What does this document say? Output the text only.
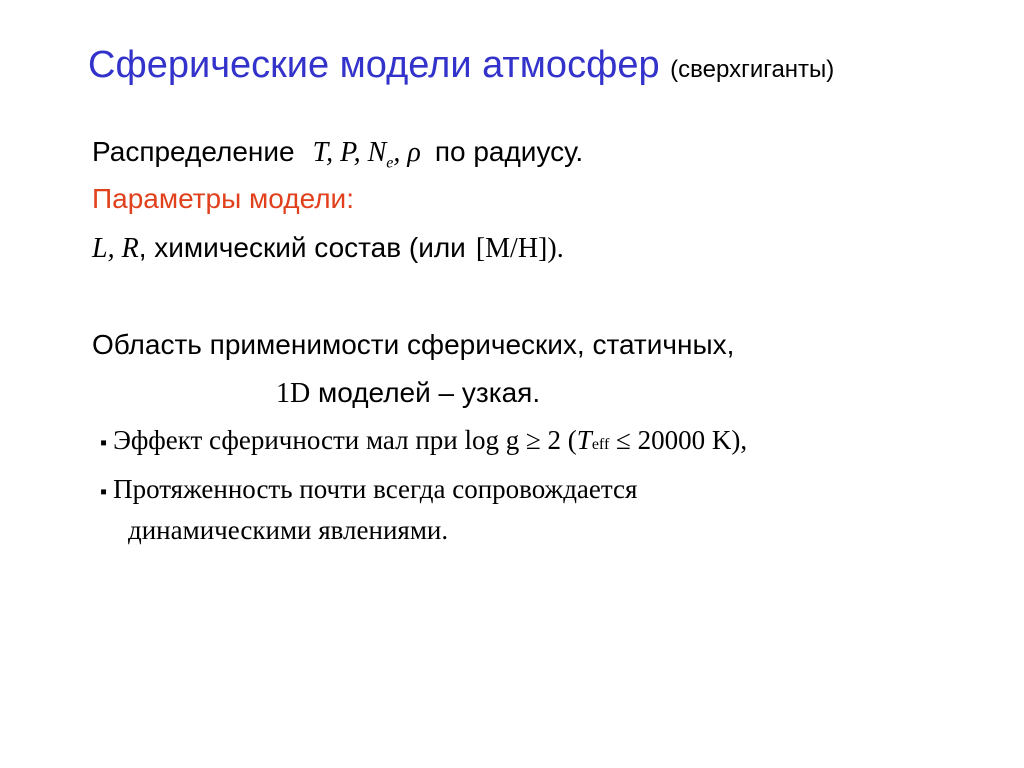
Сферические модели атмосфер (сверхгиганты)
Распределение T, P, $N_e$, ρ по радиусу.
Параметры модели:
L, R, химический состав (или [M/H]).
Область применимости сферических, статичных,
1D моделей – узкая.
▪ Эффект сферичности мал при log g ≥ 2 (Teff ≤ 20000 K),
▪ Протяженность почти всегда сопровождается
динамическими явлениями.
